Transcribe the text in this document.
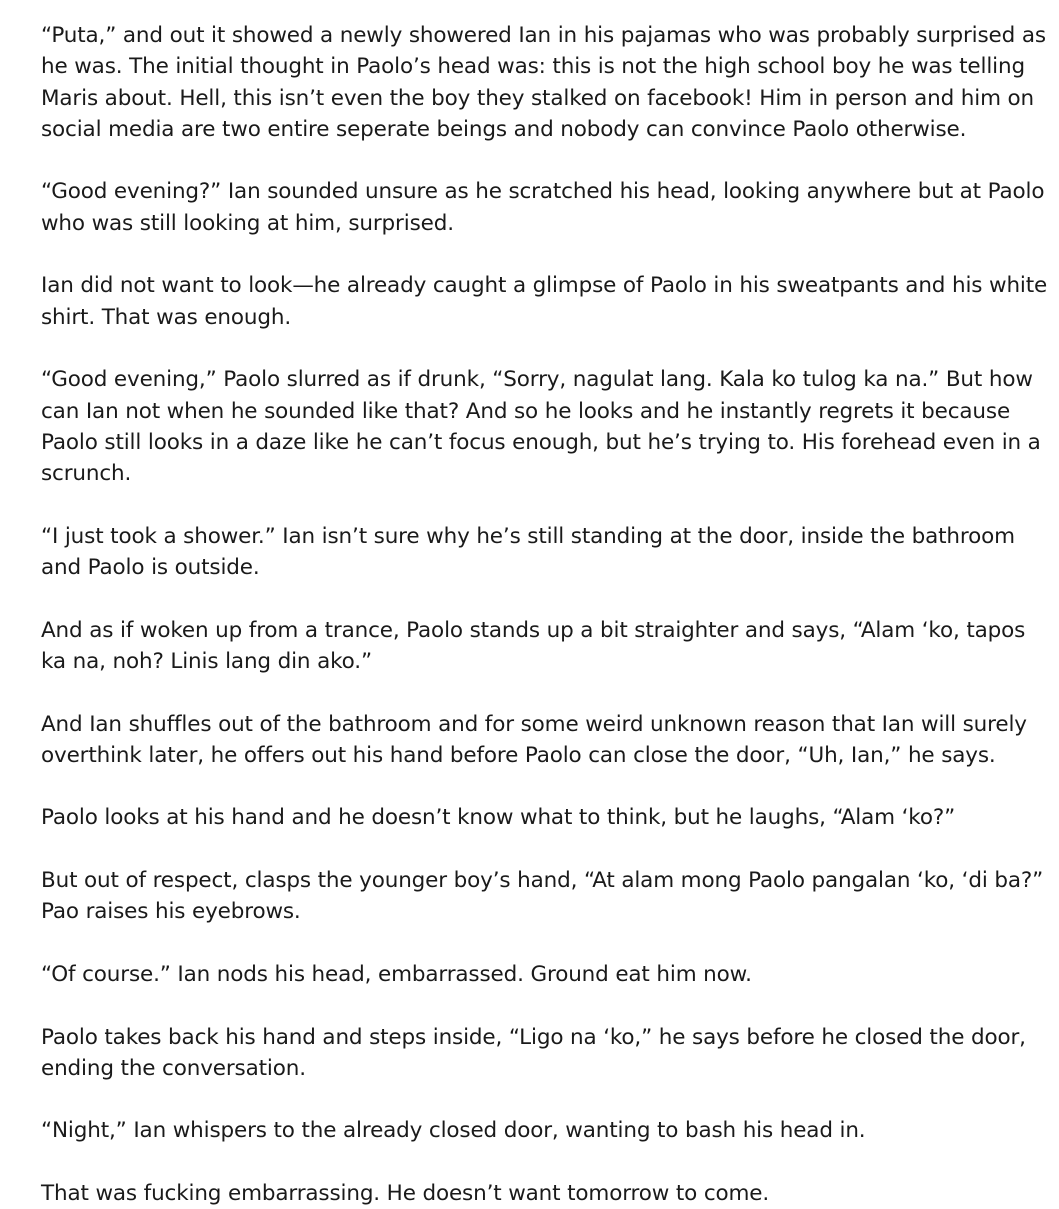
“Puta,” and out it showed a newly showered Ian in his pajamas who was probably surprised as he was. The initial thought in Paolo’s head was: this is not the high school boy he was telling Maris about. Hell, this isn’t even the boy they stalked on facebook! Him in person and him on social media are two entire seperate beings and nobody can convince Paolo otherwise.

“Good evening?” Ian sounded unsure as he scratched his head, looking anywhere but at Paolo who was still looking at him, surprised.

Ian did not want to look—he already caught a glimpse of Paolo in his sweatpants and his white shirt. That was enough.

“Good evening,” Paolo slurred as if drunk, “Sorry, nagulat lang. Kala ko tulog ka na.” But how can Ian not when he sounded like that? And so he looks and he instantly regrets it because Paolo still looks in a daze like he can’t focus enough, but he’s trying to. His forehead even in a scrunch.

“I just took a shower.” Ian isn’t sure why he’s still standing at the door, inside the bathroom and Paolo is outside.

And as if woken up from a trance, Paolo stands up a bit straighter and says, “Alam ‘ko, tapos ka na, noh? Linis lang din ako.”

And Ian shuffles out of the bathroom and for some weird unknown reason that Ian will surely overthink later, he offers out his hand before Paolo can close the door, “Uh, Ian,” he says.

Paolo looks at his hand and he doesn’t know what to think, but he laughs, “Alam ‘ko?”

But out of respect, clasps the younger boy’s hand, “At alam mong Paolo pangalan ‘ko, ‘di ba?” Pao raises his eyebrows.

“Of course.” Ian nods his head, embarrassed. Ground eat him now.

Paolo takes back his hand and steps inside, “Ligo na ‘ko,” he says before he closed the door, ending the conversation.

“Night,” Ian whispers to the already closed door, wanting to bash his head in.

That was fucking embarrassing. He doesn’t want tomorrow to come.
